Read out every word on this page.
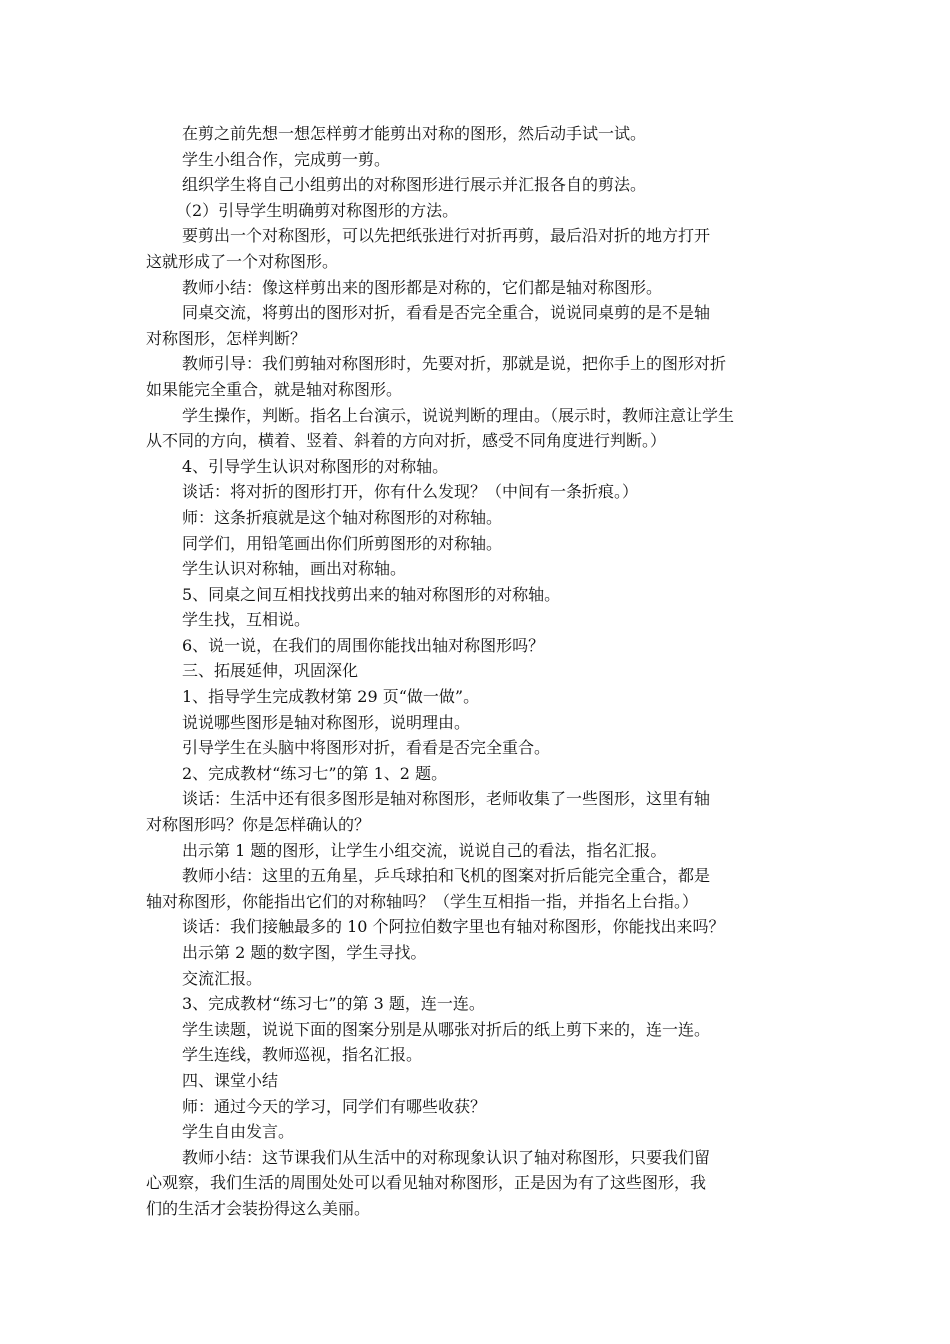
在剪之前先想一想怎样剪才能剪出对称的图形，然后动手试一试。

学生小组合作，完成剪一剪。

组织学生将自己小组剪出的对称图形进行展示并汇报各自的剪法。

（2）引导学生明确剪对称图形的方法。

要剪出一个对称图形，可以先把纸张进行对折再剪，最后沿对折的地方打开

这就形成了一个对称图形。

教师小结：像这样剪出来的图形都是对称的，它们都是轴对称图形。

同桌交流，将剪出的图形对折，看看是否完全重合，说说同桌剪的是不是轴

对称图形，怎样判断？

教师引导：我们剪轴对称图形时，先要对折，那就是说，把你手上的图形对折

如果能完全重合，就是轴对称图形。

学生操作，判断。指名上台演示，说说判断的理由。（展示时，教师注意让学生

从不同的方向，横着、竖着、斜着的方向对折，感受不同角度进行判断。）

4、引导学生认识对称图形的对称轴。

谈话：将对折的图形打开，你有什么发现？（中间有一条折痕。）

师：这条折痕就是这个轴对称图形的对称轴。

同学们，用铅笔画出你们所剪图形的对称轴。

学生认识对称轴，画出对称轴。

5、同桌之间互相找找剪出来的轴对称图形的对称轴。

学生找，互相说。

6、说一说，在我们的周围你能找出轴对称图形吗？

三、拓展延伸，巩固深化

1、指导学生完成教材第 29 页“做一做”。

说说哪些图形是轴对称图形，说明理由。

引导学生在头脑中将图形对折，看看是否完全重合。

2、完成教材“练习七”的第 1、2 题。

谈话：生活中还有很多图形是轴对称图形，老师收集了一些图形，这里有轴

对称图形吗？你是怎样确认的？

出示第 1 题的图形，让学生小组交流，说说自己的看法，指名汇报。

教师小结：这里的五角星，乒乓球拍和飞机的图案对折后能完全重合，都是

轴对称图形，你能指出它们的对称轴吗？（学生互相指一指，并指名上台指。）

谈话：我们接触最多的 10 个阿拉伯数字里也有轴对称图形，你能找出来吗？

出示第 2 题的数字图，学生寻找。

交流汇报。

3、完成教材“练习七”的第 3 题，连一连。

学生读题，说说下面的图案分别是从哪张对折后的纸上剪下来的，连一连。

学生连线，教师巡视，指名汇报。

四、课堂小结

师：通过今天的学习，同学们有哪些收获？

学生自由发言。

教师小结：这节课我们从生活中的对称现象认识了轴对称图形，只要我们留

心观察，我们生活的周围处处可以看见轴对称图形，正是因为有了这些图形，我

们的生活才会装扮得这么美丽。
